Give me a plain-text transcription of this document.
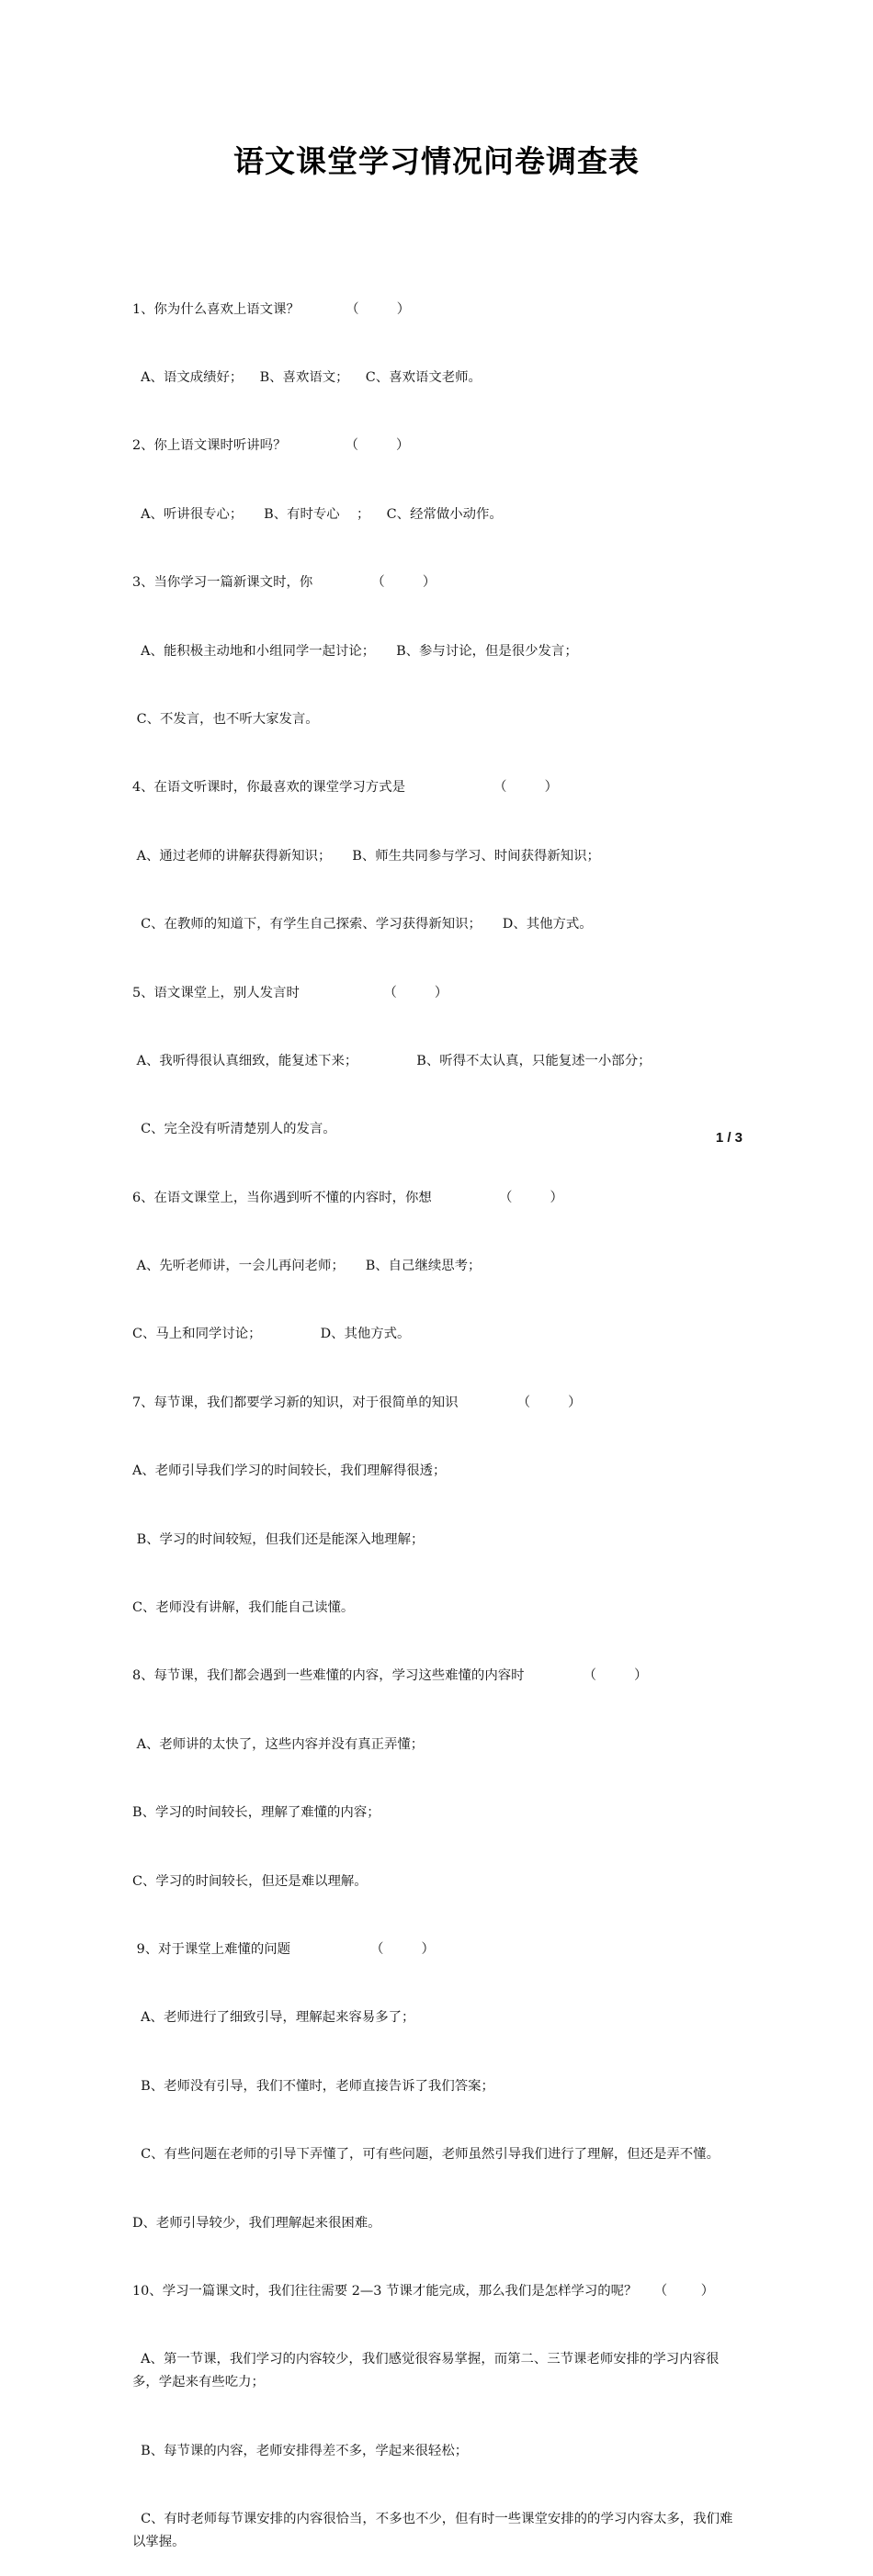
语文课堂学习情况问卷调查表

1、你为什么喜欢上语文课？           （         ）

A、语文成绩好；    B、喜欢语文；    C、喜欢语文老师。

2、你上语文课时听讲吗？              （         ）

A、听讲很专心；     B、有时专心    ；    C、经常做小动作。

3、当你学习一篇新课文时，你              （         ）

A、能积极主动地和小组同学一起讨论；     B、参与讨论，但是很少发言；

C、不发言，也不听大家发言。

4、在语文听课时，你最喜欢的课堂学习方式是                     （         ）

A、通过老师的讲解获得新知识；     B、师生共同参与学习、时间获得新知识；

C、在教师的知道下，有学生自己探索、学习获得新知识；     D、其他方式。

5、语文课堂上，别人发言时                    （         ）

A、我听得很认真细致，能复述下来；              B、听得不太认真，只能复述一小部分；

C、完全没有听清楚别人的发言。

6、在语文课堂上，当你遇到听不懂的内容时，你想                （         ）

A、先听老师讲，一会儿再问老师；     B、自己继续思考；

C、马上和同学讨论；              D、其他方式。

7、每节课，我们都要学习新的知识，对于很简单的知识              （         ）

A、老师引导我们学习的时间较长，我们理解得很透；

B、学习的时间较短，但我们还是能深入地理解；

C、老师没有讲解，我们能自己读懂。

8、每节课，我们都会遇到一些难懂的内容，学习这些难懂的内容时              （         ）

A、老师讲的太快了，这些内容并没有真正弄懂；

B、学习的时间较长，理解了难懂的内容；

C、学习的时间较长，但还是难以理解。

9、对于课堂上难懂的问题                   （         ）

A、老师进行了细致引导，理解起来容易多了；

B、老师没有引导，我们不懂时，老师直接告诉了我们答案；

C、有些问题在老师的引导下弄懂了，可有些问题，老师虽然引导我们进行了理解，但还是弄不懂。

D、老师引导较少，我们理解起来很困难。

10、学习一篇课文时，我们往往需要 2—3 节课才能完成，那么我们是怎样学习的呢？    （        ）

A、第一节课，我们学习的内容较少，我们感觉很容易掌握，而第二、三节课老师安排的学习内容很多，学起来有些吃力；

B、每节课的内容，老师安排得差不多，学起来很轻松；

C、有时老师每节课安排的内容很恰当，不多也不少，但有时一些课堂安排的的学习内容太多，我们难以掌握。

1 / 3
